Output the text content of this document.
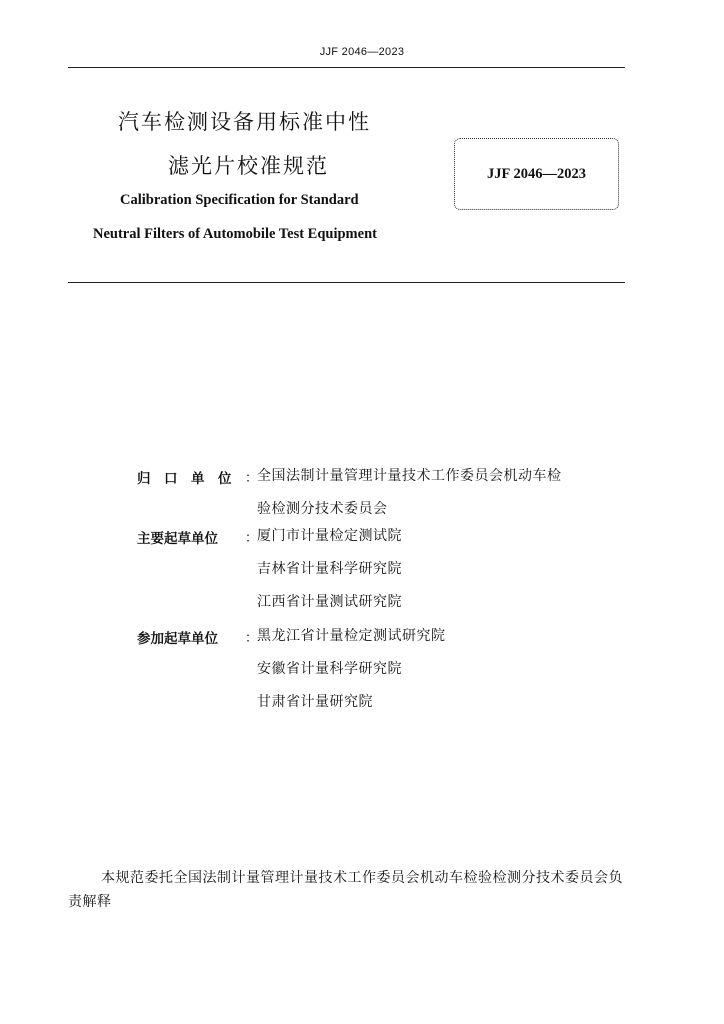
JJF 2046—2023
汽车检测设备用标准中性
滤光片校准规范
Calibration Specification for Standard
Neutral Filters of Automobile Test Equipment
JJF 2046—2023
归口单位 ：
全国法制计量管理计量技术工作委员会机动车检
验检测分技术委员会
主要起草单位	：
厦门市计量检定测试院
吉林省计量科学研究院
江西省计量测试研究院
参加起草单位	：
黑龙江省计量检定测试研究院
安徽省计量科学研究院
甘肃省计量研究院
本规范委托全国法制计量管理计量技术工作委员会机动车检验检测分技术委员会负责解释
